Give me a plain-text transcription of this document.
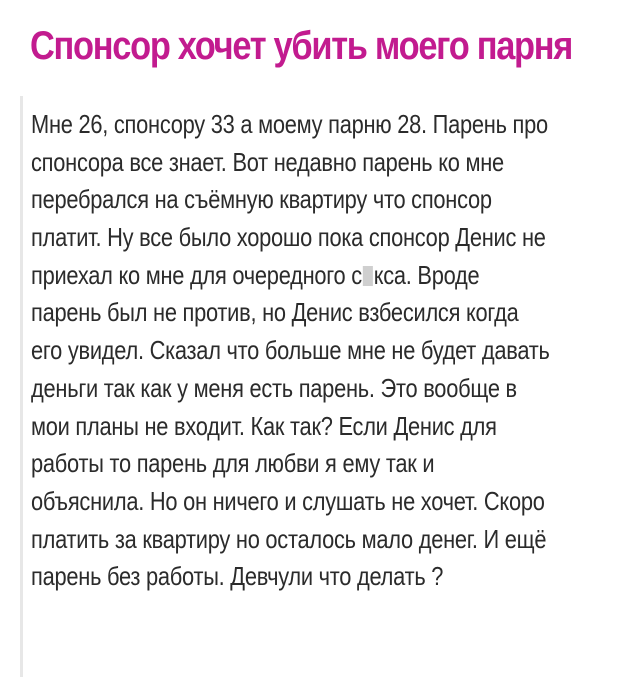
Спонсор хочет убить моего парня
Мне 26, спонсору 33 а моему парню 28. Парень про
спонсора все знает. Вот недавно парень ко мне
перебрался на съёмную квартиру что спонсор
платит. Ну все было хорошо пока спонсор Денис не
приехал ко мне для очередного с кса. Вроде
парень был не против, но Денис взбесился когда
его увидел. Сказал что больше мне не будет давать
деньги так как у меня есть парень. Это вообще в
мои планы не входит. Как так? Если Денис для
работы то парень для любви я ему так и
объяснила. Но он ничего и слушать не хочет. Скоро
платить за квартиру но осталось мало денег. И ещё
парень без работы. Девчули что делать ?
